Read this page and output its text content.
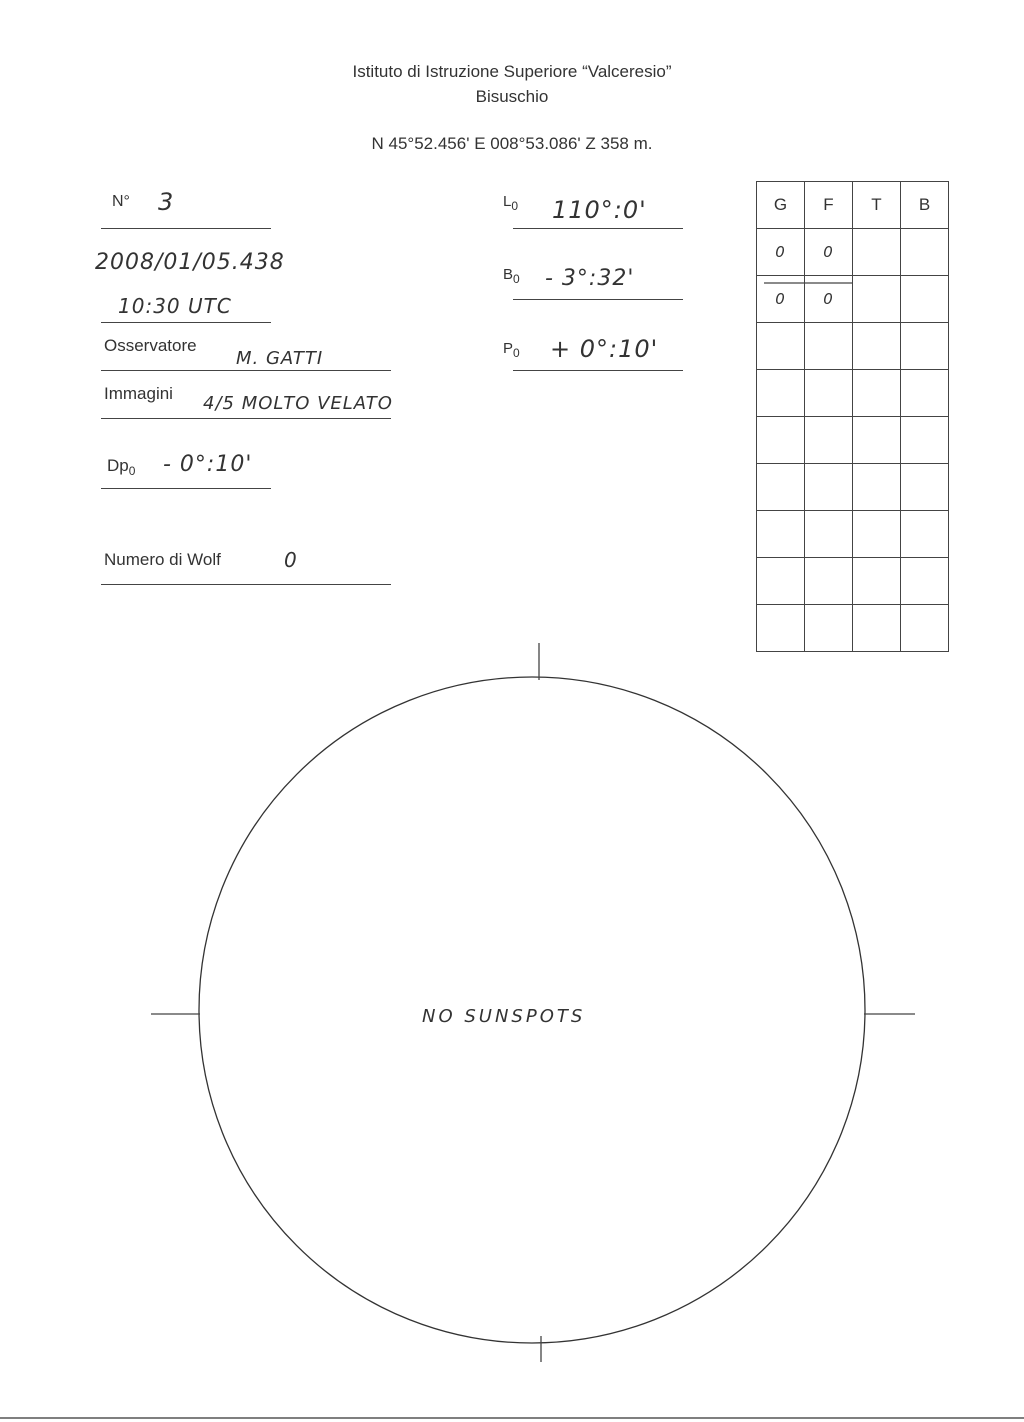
Istituto di Istruzione Superiore “Valceresio”
Bisuschio
N 45°52.456' E 008°53.086' Z 358 m.
N° 3
2008/01/05.438
10:30 UTC
Osservatore
M. GATTI
Immagini 4/5 MOLTO VELATO
$Dp_0$ - 0°:10'
Numero di Wolf	0
$L_0$ 110°:0'
$B_0$ - 3°:32'
$P_0$ + 0°:10'
G	F	T	B
0	0		
0	0		

NO SUNSPOTS
